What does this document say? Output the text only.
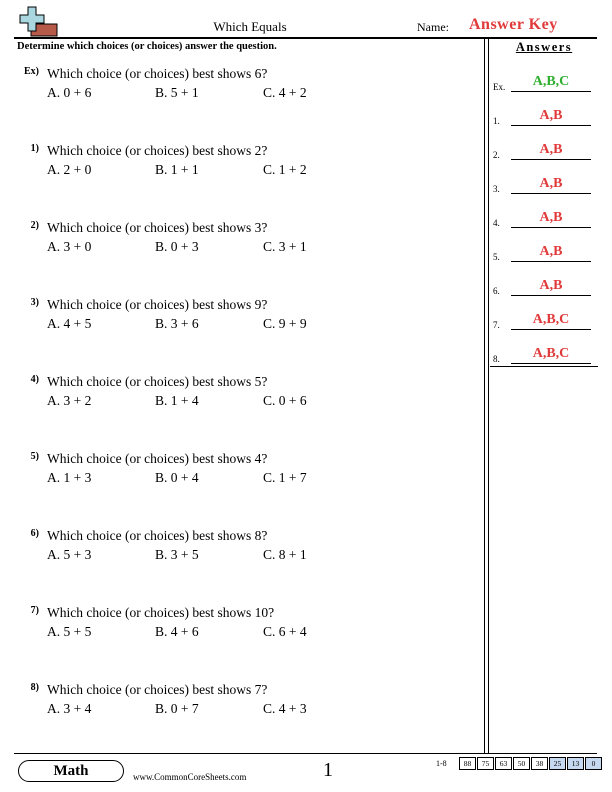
Which Equals	Name: Answer Key
Determine which choices (or choices) answer the question.
Ex) Which choice (or choices) best shows 6?
A. 0 + 6	B. 5 + 1	C. 4 + 2
1) Which choice (or choices) best shows 2?
A. 2 + 0	B. 1 + 1	C. 1 + 2
2) Which choice (or choices) best shows 3?
A. 3 + 0	B. 0 + 3	C. 3 + 1
3) Which choice (or choices) best shows 9?
A. 4 + 5	B. 3 + 6	C. 9 + 9
4) Which choice (or choices) best shows 5?
A. 3 + 2	B. 1 + 4	C. 0 + 6
5) Which choice (or choices) best shows 4?
A. 1 + 3	B. 0 + 4	C. 1 + 7
6) Which choice (or choices) best shows 8?
A. 5 + 3	B. 3 + 5	C. 8 + 1
7) Which choice (or choices) best shows 10?
A. 5 + 5	B. 4 + 6	C. 6 + 4
8) Which choice (or choices) best shows 7?
A. 3 + 4	B. 0 + 7	C. 4 + 3
Answers
Ex.	A,B,C
1.	A,B
2.	A,B
3.	A,B
4.	A,B
5.	A,B
6.	A,B
7.	A,B,C
8.	A,B,C
Math	www.CommonCoreSheets.com	1	1-8	88	75	63	50	38	25	13	0
